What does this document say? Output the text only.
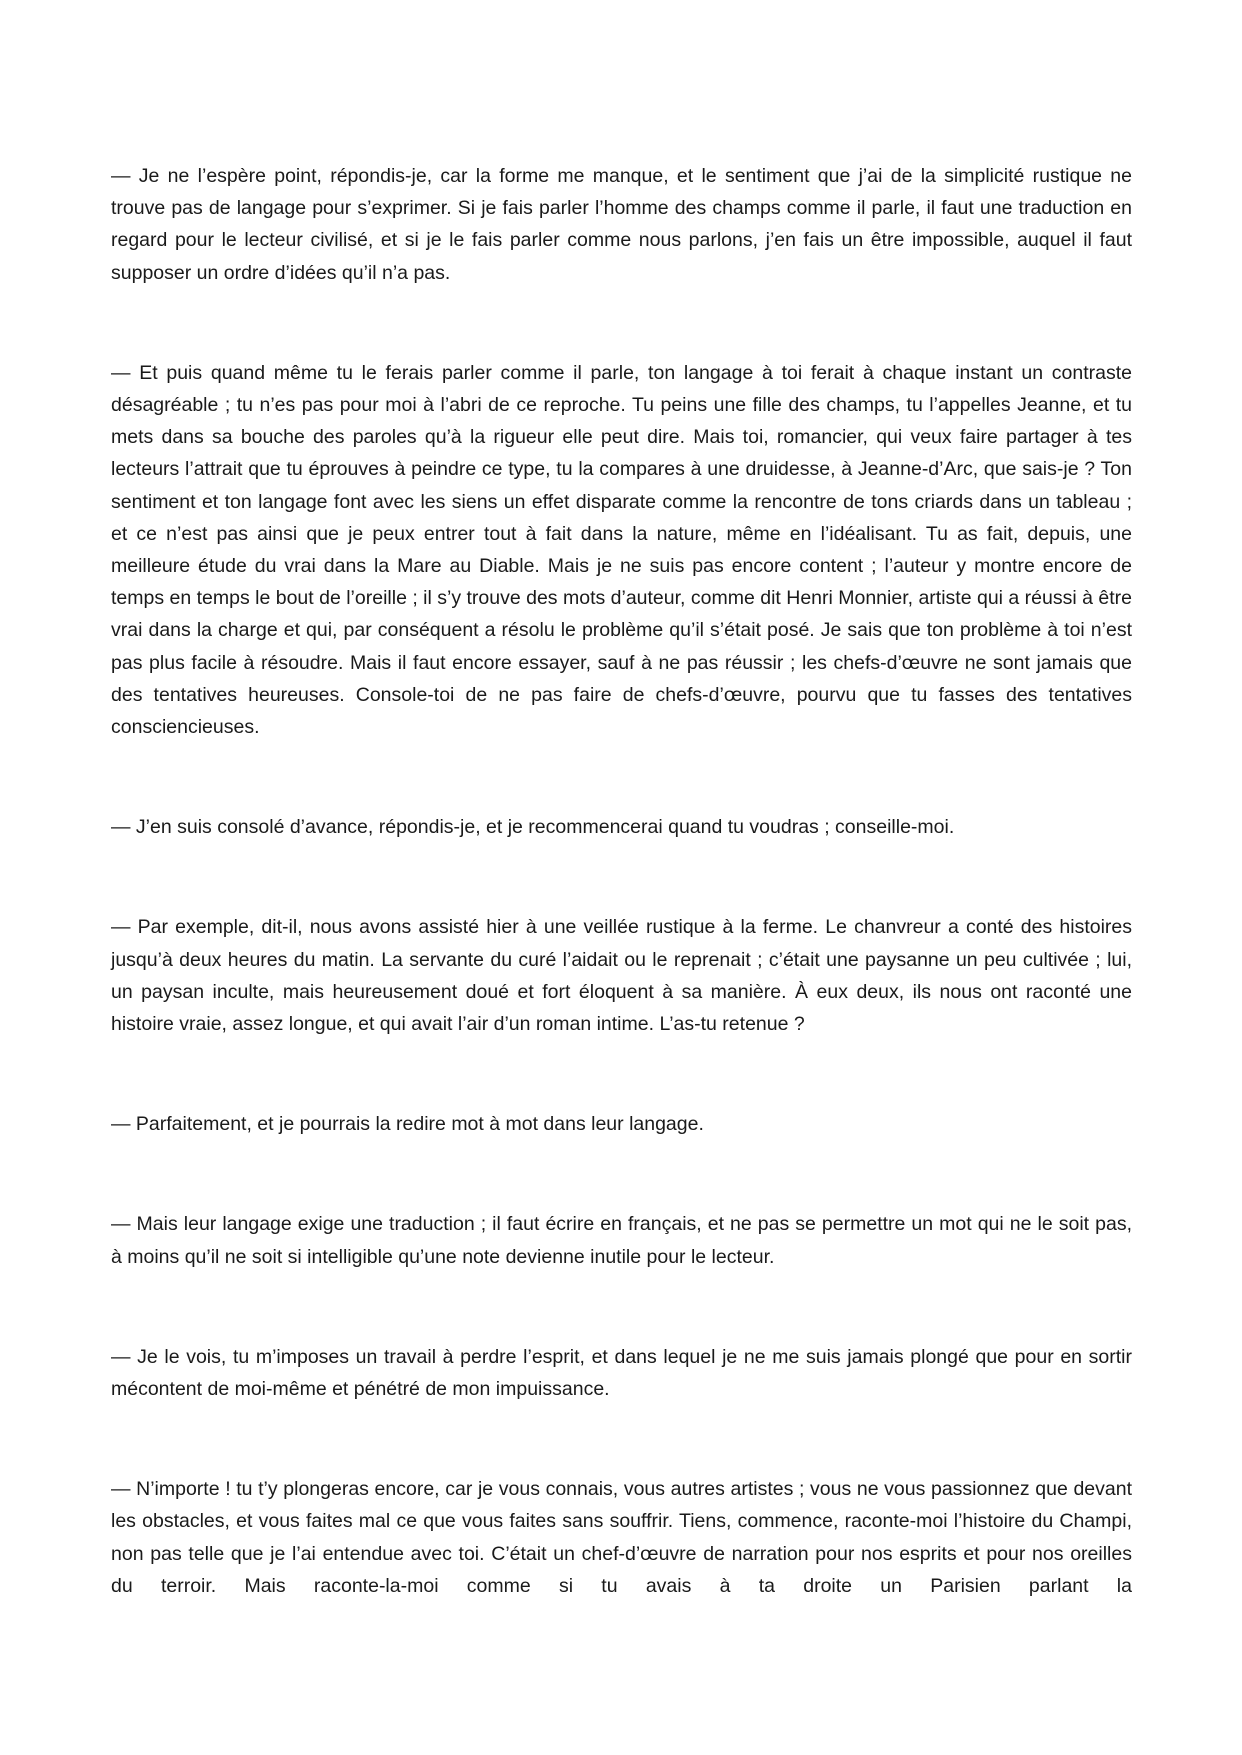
— Je ne l’espère point, répondis-je, car la forme me manque, et le sentiment que j’ai de la simplicité rustique ne trouve pas de langage pour s’exprimer. Si je fais parler l’homme des champs comme il parle, il faut une traduction en regard pour le lecteur civilisé, et si je le fais parler comme nous parlons, j’en fais un être impossible, auquel il faut supposer un ordre d’idées qu’il n’a pas.

— Et puis quand même tu le ferais parler comme il parle, ton langage à toi ferait à chaque instant un contraste désagréable ; tu n’es pas pour moi à l’abri de ce reproche. Tu peins une fille des champs, tu l’appelles Jeanne, et tu mets dans sa bouche des paroles qu’à la rigueur elle peut dire. Mais toi, romancier, qui veux faire partager à tes lecteurs l’attrait que tu éprouves à peindre ce type, tu la compares à une druidesse, à Jeanne-d’Arc, que sais-je ? Ton sentiment et ton langage font avec les siens un effet disparate comme la rencontre de tons criards dans un tableau ; et ce n’est pas ainsi que je peux entrer tout à fait dans la nature, même en l’idéalisant. Tu as fait, depuis, une meilleure étude du vrai dans la Mare au Diable. Mais je ne suis pas encore content ; l’auteur y montre encore de temps en temps le bout de l’oreille ; il s’y trouve des mots d’auteur, comme dit Henri Monnier, artiste qui a réussi à être vrai dans la charge et qui, par conséquent a résolu le problème qu’il s’était posé. Je sais que ton problème à toi n’est pas plus facile à résoudre. Mais il faut encore essayer, sauf à ne pas réussir ; les chefs-d’œuvre ne sont jamais que des tentatives heureuses. Console-toi de ne pas faire de chefs-d’œuvre, pourvu que tu fasses des tentatives consciencieuses.

— J’en suis consolé d’avance, répondis-je, et je recommencerai quand tu voudras ; conseille-moi.

— Par exemple, dit-il, nous avons assisté hier à une veillée rustique à la ferme. Le chanvreur a conté des histoires jusqu’à deux heures du matin. La servante du curé l’aidait ou le reprenait ; c’était une paysanne un peu cultivée ; lui, un paysan inculte, mais heureusement doué et fort éloquent à sa manière. À eux deux, ils nous ont raconté une histoire vraie, assez longue, et qui avait l’air d’un roman intime. L’as-tu retenue ?

— Parfaitement, et je pourrais la redire mot à mot dans leur langage.

— Mais leur langage exige une traduction ; il faut écrire en français, et ne pas se permettre un mot qui ne le soit pas, à moins qu’il ne soit si intelligible qu’une note devienne inutile pour le lecteur.

— Je le vois, tu m’imposes un travail à perdre l’esprit, et dans lequel je ne me suis jamais plongé que pour en sortir mécontent de moi-même et pénétré de mon impuissance.

— N’importe ! tu t’y plongeras encore, car je vous connais, vous autres artistes ; vous ne vous passionnez que devant les obstacles, et vous faites mal ce que vous faites sans souffrir. Tiens, commence, raconte-moi l’histoire du Champi, non pas telle que je l’ai entendue avec toi. C’était un chef-d’œuvre de narration pour nos esprits et pour nos oreilles du terroir. Mais raconte-la-moi comme si tu avais à ta droite un Parisien parlant la
